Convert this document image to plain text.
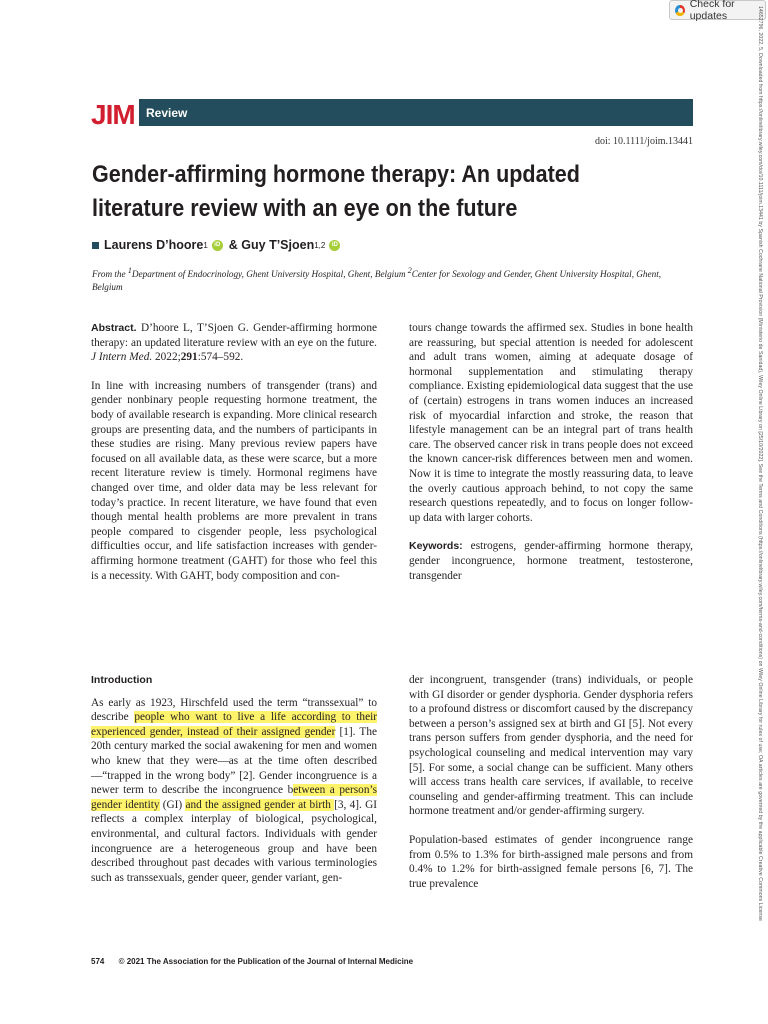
Check for updates	14652796, 2022, 5, Downloaded from https://onlinelibrary.wiley.com/doi/10.1111/joim.13441 by Spanish Cochrane National Provision (Ministerio de Sanidad), Wiley Online Library on [25/10/2022]. See the Terms and Conditions (https://onlinelibrary.wiley.com/terms-and-conditions) on Wiley Online Library for rules of use; OA articles are governed by the applicable Creative Commons License
JIM Review
doi: 10.1111/joim.13441
Gender-affirming hormone therapy: An updated
literature review with an eye on the future
Laurens D’hoore 1	iD & Guy T’Sjoen 1,2	iD
From the $^1$Department of Endocrinology, Ghent University Hospital, Ghent, Belgium $^2$Center for Sexology and Gender, Ghent University Hospital, Ghent, Belgium

Abstract. D’hoore L, T’Sjoen G. Gender-affirming hormone therapy: an updated literature review with an eye on the future. J Intern Med. 2022;291:574–592.

In line with increasing numbers of transgender (trans) and gender nonbinary people requesting hormone treatment, the body of available research is expanding. More clinical research groups are presenting data, and the numbers of participants in these studies are rising. Many previous review papers have focused on all available data, as these were scarce, but a more recent literature review is timely. Hormonal regimens have changed over time, and older data may be less relevant for today’s practice. In recent literature, we have found that even though mental health problems are more prevalent in trans people compared to cisgender people, less psychological difficulties occur, and life satisfaction increases with gender-affirming hormone treatment (GAHT) for those who feel this is a necessity. With GAHT, body composition and con-

tours change towards the affirmed sex. Studies in bone health are reassuring, but special attention is needed for adolescent and adult trans women, aiming at adequate dosage of hormonal supplementation and stimulating therapy compliance. Existing epidemiological data suggest that the use of (certain) estrogens in trans women induces an increased risk of myocardial infarction and stroke, the reason that lifestyle management can be an integral part of trans health care. The observed cancer risk in trans people does not exceed the known cancer-risk differences between men and women. Now it is time to integrate the mostly reassuring data, to leave the overly cautious approach behind, to not copy the same research questions repeatedly, and to focus on longer follow-up data with larger cohorts.

Keywords: estrogens, gender-affirming hormone therapy, gender incongruence, hormone treatment, testosterone, transgender

Introduction

As early as 1923, Hirschfeld used the term “transsexual” to describe people who want to live a life according to their experienced gender, instead of their assigned gender [1]. The 20th century marked the social awakening for men and women who knew that they were—as at the time often described—“trapped in the wrong body” [2]. Gender incongruence is a newer term to describe the incongruence between a person’s gender identity (GI) and the assigned gender at birth [3, 4]. GI reflects a complex interplay of biological, psychological, environmental, and cultural factors. Individuals with gender incongruence are a heterogeneous group and have been described throughout past decades with various terminologies such as transsexuals, gender queer, gender variant, gen-

der incongruent, transgender (trans) individuals, or people with GI disorder or gender dysphoria. Gender dysphoria refers to a profound distress or discomfort caused by the discrepancy between a person’s assigned sex at birth and GI [5]. Not every trans person suffers from gender dysphoria, and the need for psychological counseling and medical intervention may vary [5]. For some, a social change can be sufficient. Many others will access trans health care services, if available, to receive counseling and gender-affirming treatment. This can include hormone treatment and/or gender-affirming surgery.

Population-based estimates of gender incongruence range from 0.5% to 1.3% for birth-assigned male persons and from 0.4% to 1.2% for birth-assigned female persons [6, 7]. The true prevalence

574 © 2021 The Association for the Publication of the Journal of Internal Medicine
